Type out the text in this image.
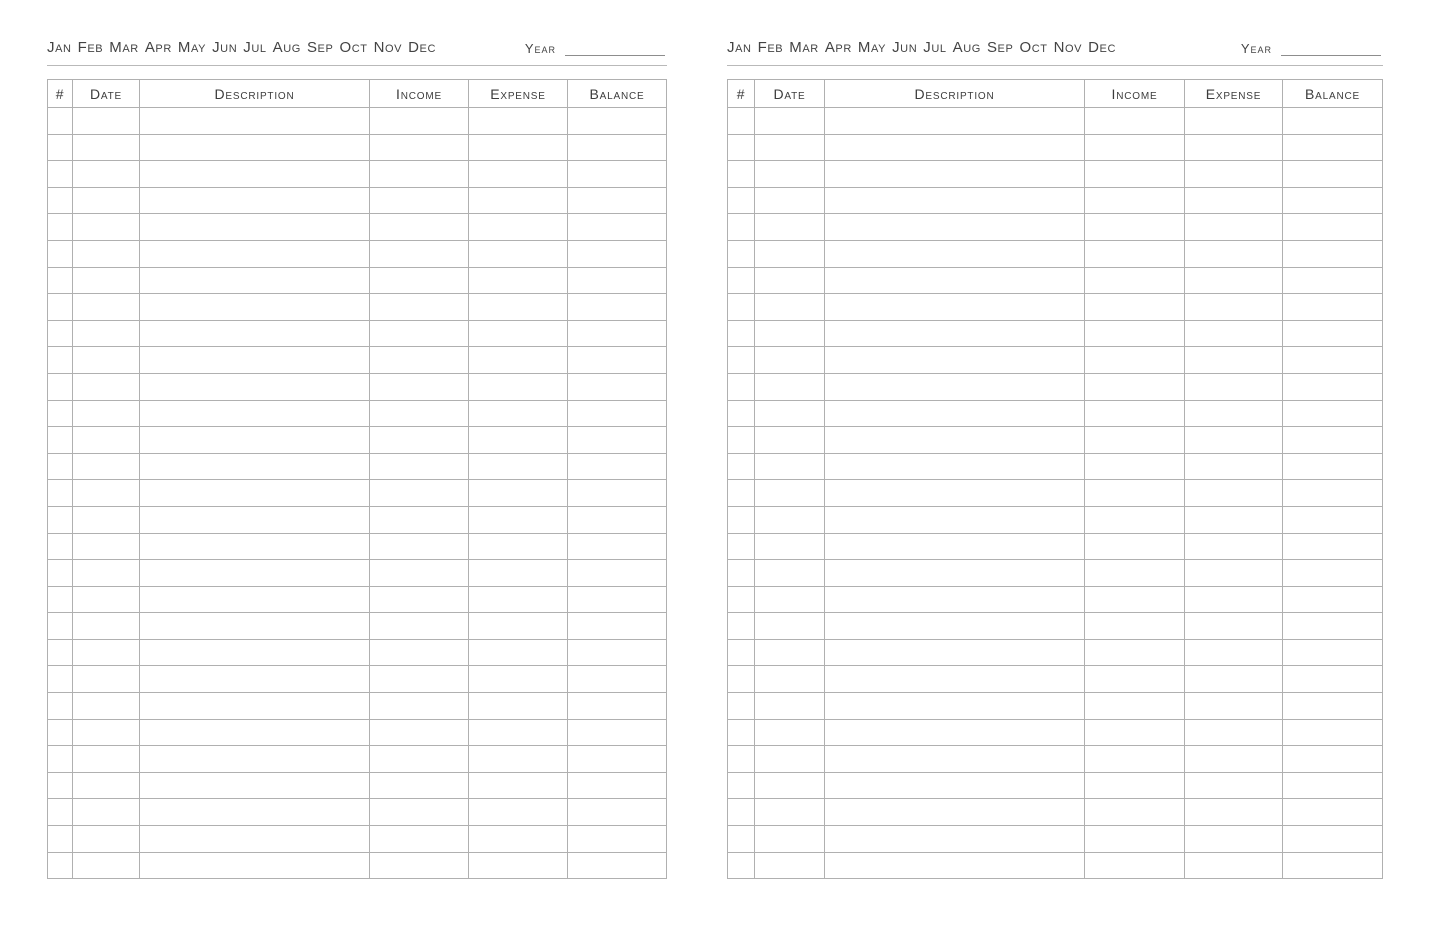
Jan Feb Mar Apr May Jun Jul Aug Sep Oct Nov Dec	Year
#	Date	Description	Income	Expense	Balance

Jan Feb Mar Apr May Jun Jul Aug Sep Oct Nov Dec	Year
#	Date	Description	Income	Expense	Balance
